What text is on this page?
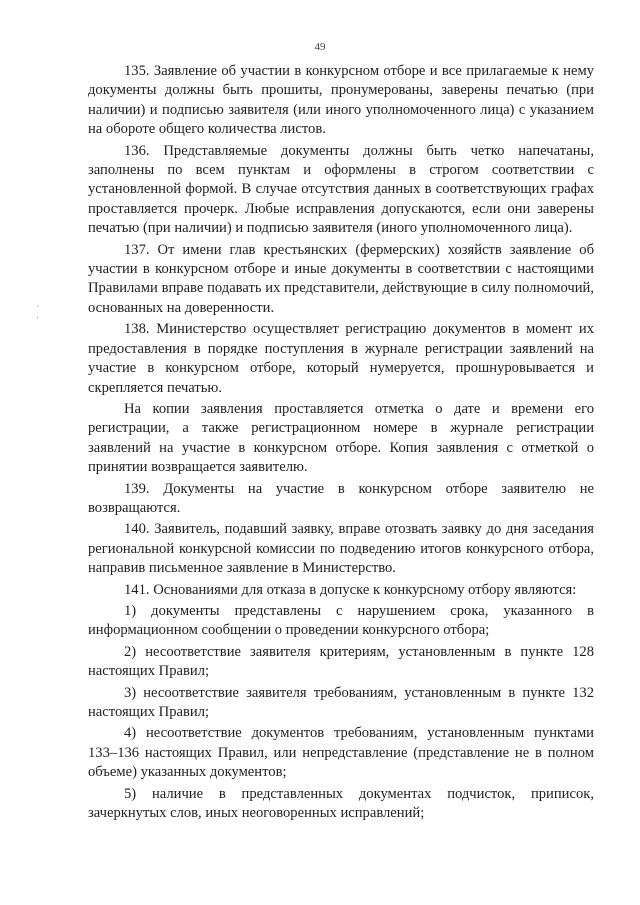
49

135. Заявление об участии в конкурсном отборе и все прилагаемые к нему документы должны быть прошиты, пронумерованы, заверены печатью (при наличии) и подписью заявителя (или иного уполномоченного лица) с указанием на обороте общего количества листов.

136. Представляемые документы должны быть четко напечатаны, заполнены по всем пунктам и оформлены в строгом соответствии с установленной формой. В случае отсутствия данных в соответствующих графах проставляется прочерк. Любые исправления допускаются, если они заверены печатью (при наличии) и подписью заявителя (иного уполномоченного лица).

137. От имени глав крестьянских (фермерских) хозяйств заявление об участии в конкурсном отборе и иные документы в соответствии с настоящими Правилами вправе подавать их представители, действующие в силу полномочий, основанных на доверенности.

138. Министерство осуществляет регистрацию документов в момент их предоставления в порядке поступления в журнале регистрации заявлений на участие в конкурсном отборе, который нумеруется, прошнуровывается и скрепляется печатью.

На копии заявления проставляется отметка о дате и времени его регистрации, а также регистрационном номере в журнале регистрации заявлений на участие в конкурсном отборе. Копия заявления с отметкой о принятии возвращается заявителю.

139. Документы на участие в конкурсном отборе заявителю не возвращаются.

140. Заявитель, подавший заявку, вправе отозвать заявку до дня заседания региональной конкурсной комиссии по подведению итогов конкурсного отбора, направив письменное заявление в Министерство.

141. Основаниями для отказа в допуске к конкурсному отбору являются:

1) документы представлены с нарушением срока, указанного в информационном сообщении о проведении конкурсного отбора;

2) несоответствие заявителя критериям, установленным в пункте 128 настоящих Правил;

3) несоответствие заявителя требованиям, установленным в пункте 132 настоящих Правил;

4) несоответствие документов требованиям, установленным пунктами 133–136 настоящих Правил, или непредставление (представление не в полном объеме) указанных документов;

5) наличие в представленных документах подчисток, приписок, зачеркнутых слов, иных неоговоренных исправлений;

· ·
